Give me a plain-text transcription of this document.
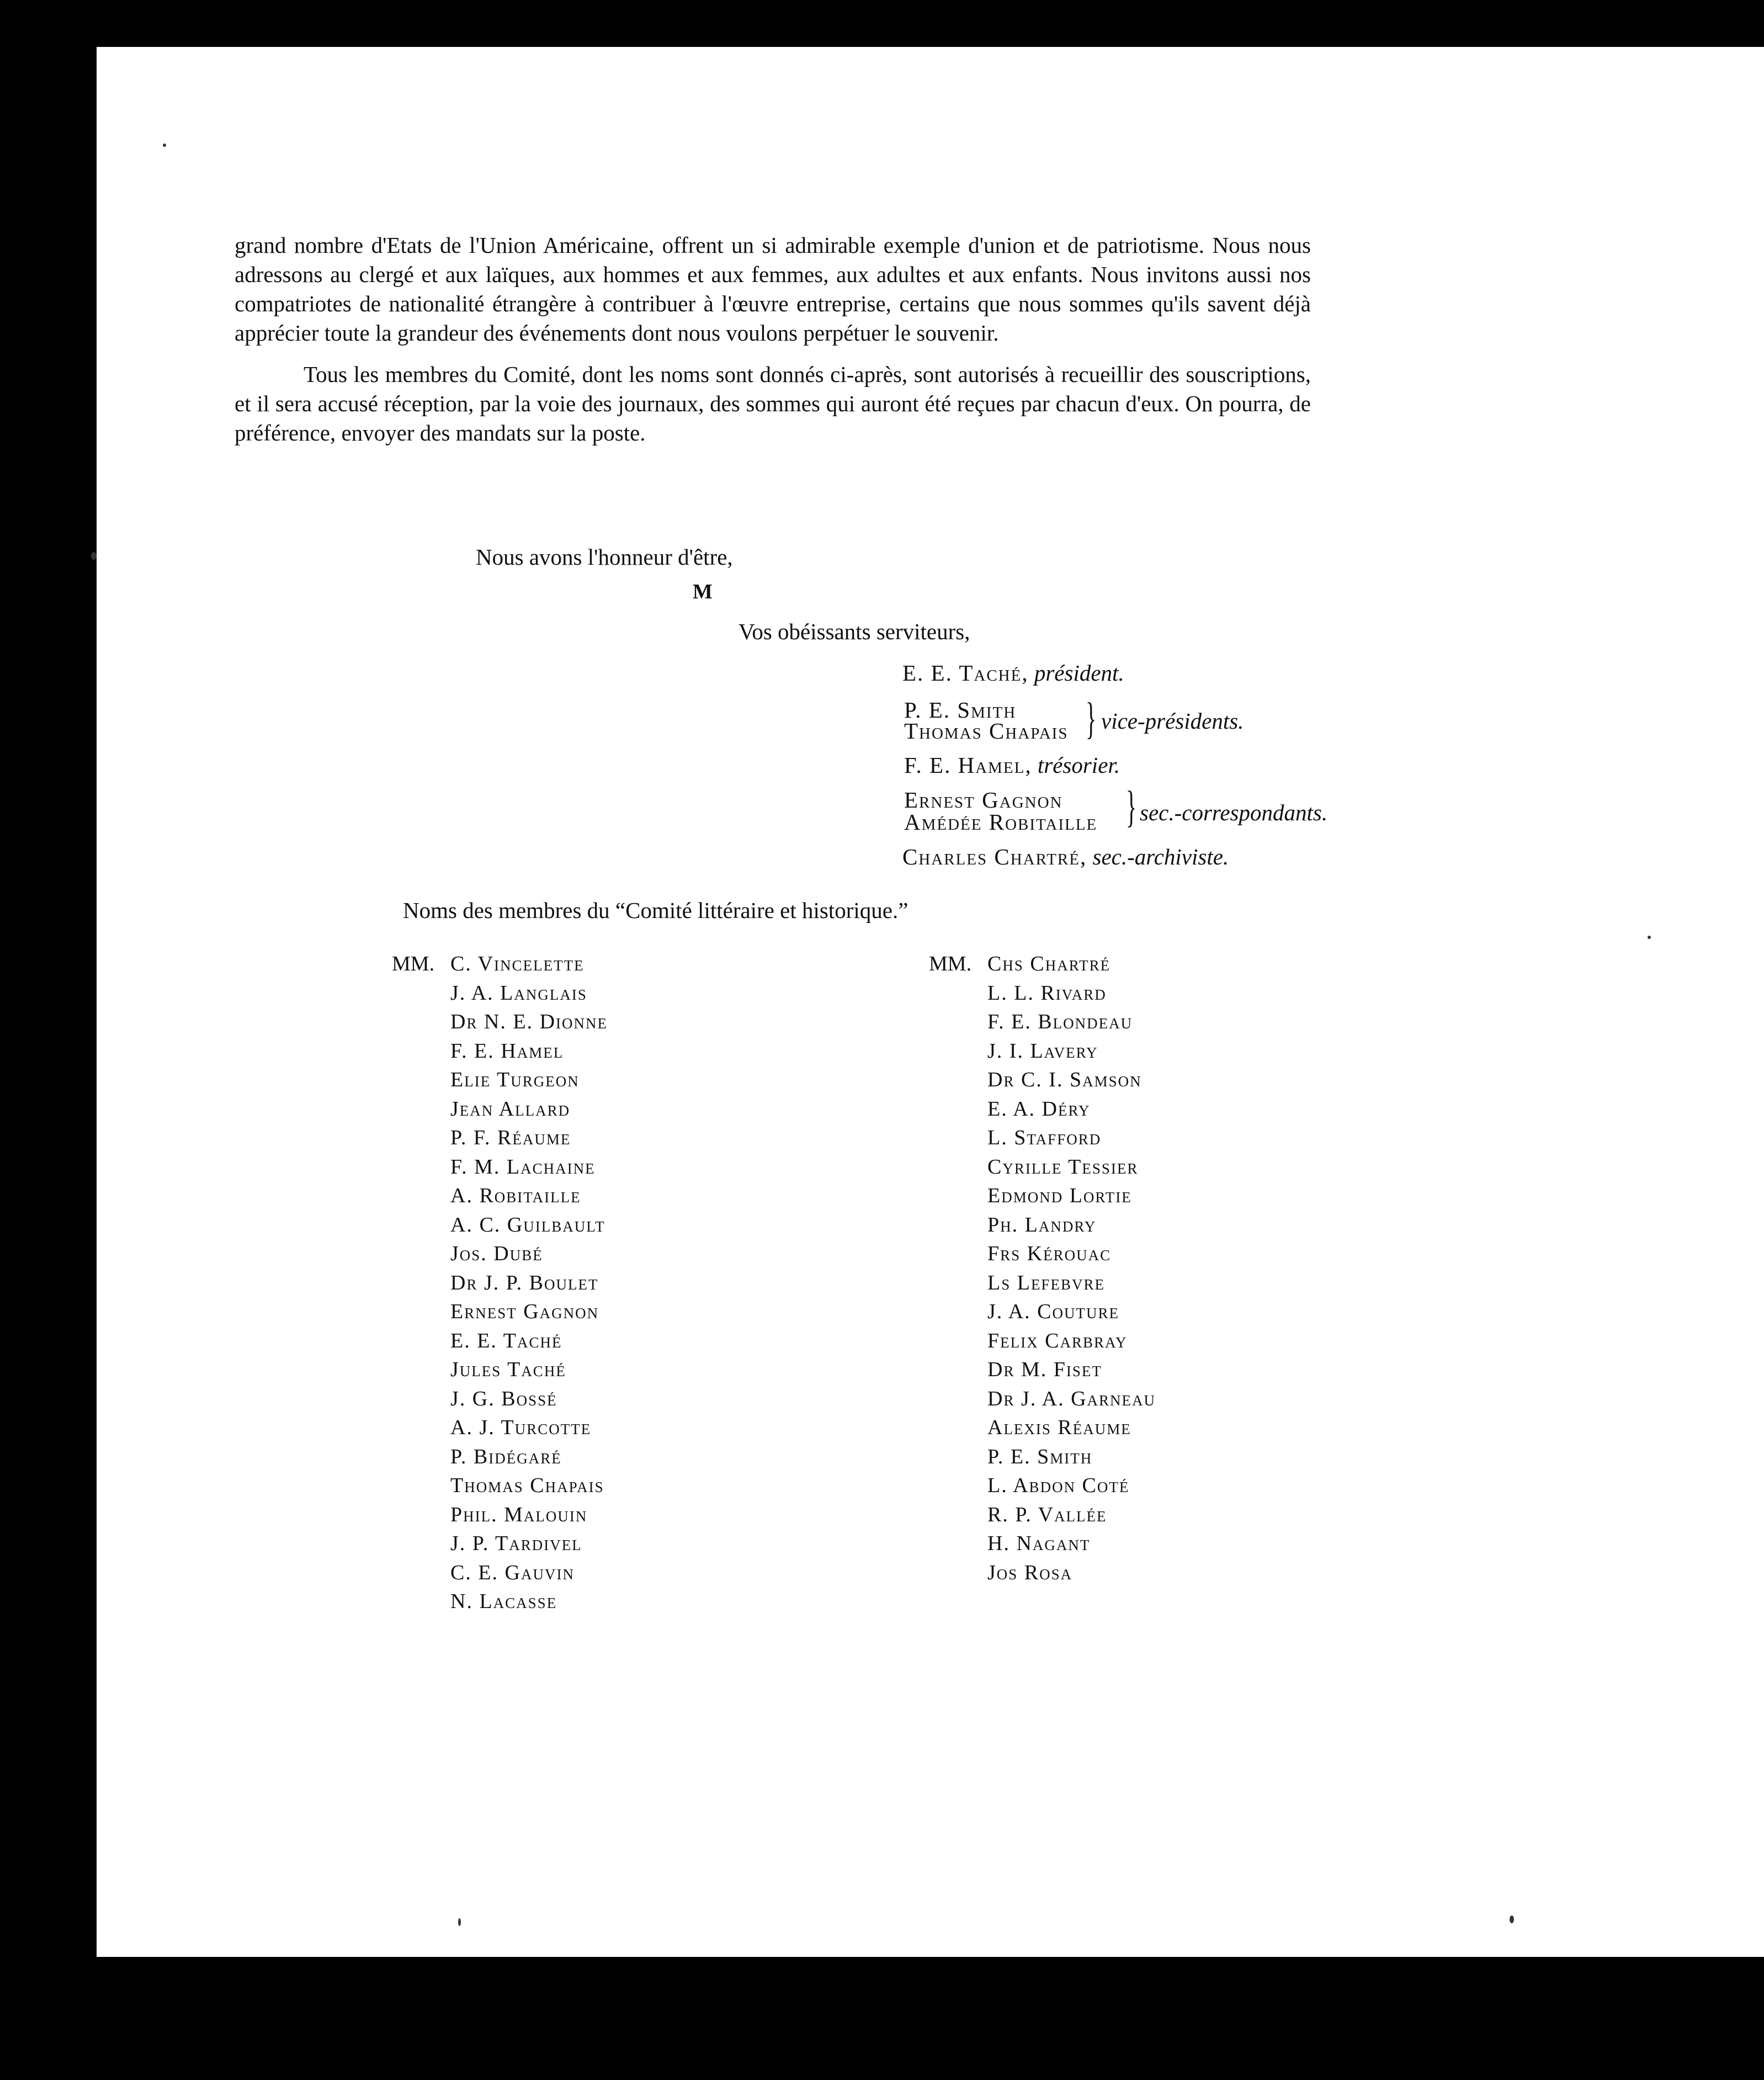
grand nombre d'Etats de l'Union Américaine, offrent un si admirable exemple d'union et de patriotisme. Nous nous adressons au clergé et aux laïques, aux hommes et aux femmes, aux adultes et aux enfants. Nous invitons aussi nos compatriotes de nationalité étrangère à contribuer à l'œuvre entreprise, certains que nous sommes qu'ils savent déjà apprécier toute la grandeur des événements dont nous voulons perpétuer le souvenir.

Tous les membres du Comité, dont les noms sont donnés ci-après, sont autorisés à recueillir des souscriptions, et il sera accusé réception, par la voie des journaux, des sommes qui auront été reçues par chacun d'eux. On pourra, de préférence, envoyer des mandats sur la poste.

Nous avons l'honneur d'être,
M
Vos obéissants serviteurs,
E. E. Taché, président.
P. E. Smith
Thomas Chapais } vice-présidents.
F. E. Hamel, trésorier.
Ernest Gagnon
Amédée Robitaille } sec.-correspondants.
Charles Chartré, sec.-archiviste.
Noms des membres du “Comité littéraire et historique.”
MM. C. Vincelette
J. A. Langlais
Dr N. E. Dionne
F. E. Hamel
Elie Turgeon
Jean Allard
P. F. Réaume
F. M. Lachaine
A. Robitaille
A. C. Guilbault
Jos. Dubé
Dr J. P. Boulet
Ernest Gagnon
E. E. Taché
Jules Taché
J. G. Bossé
A. J. Turcotte
P. Bidégaré
Thomas Chapais
Phil. Malouin
J. P. Tardivel
C. E. Gauvin
N. Lacasse
MM. Chs Chartré
L. L. Rivard
F. E. Blondeau
J. I. Lavery
Dr C. I. Samson
E. A. Déry
L. Stafford
Cyrille Tessier
Edmond Lortie
Ph. Landry
Frs Kérouac
Ls Lefebvre
J. A. Couture
Felix Carbray
Dr M. Fiset
Dr J. A. Garneau
Alexis Réaume
P. E. Smith
L. Abdon Coté
R. P. Vallée
H. Nagant
Jos Rosa
